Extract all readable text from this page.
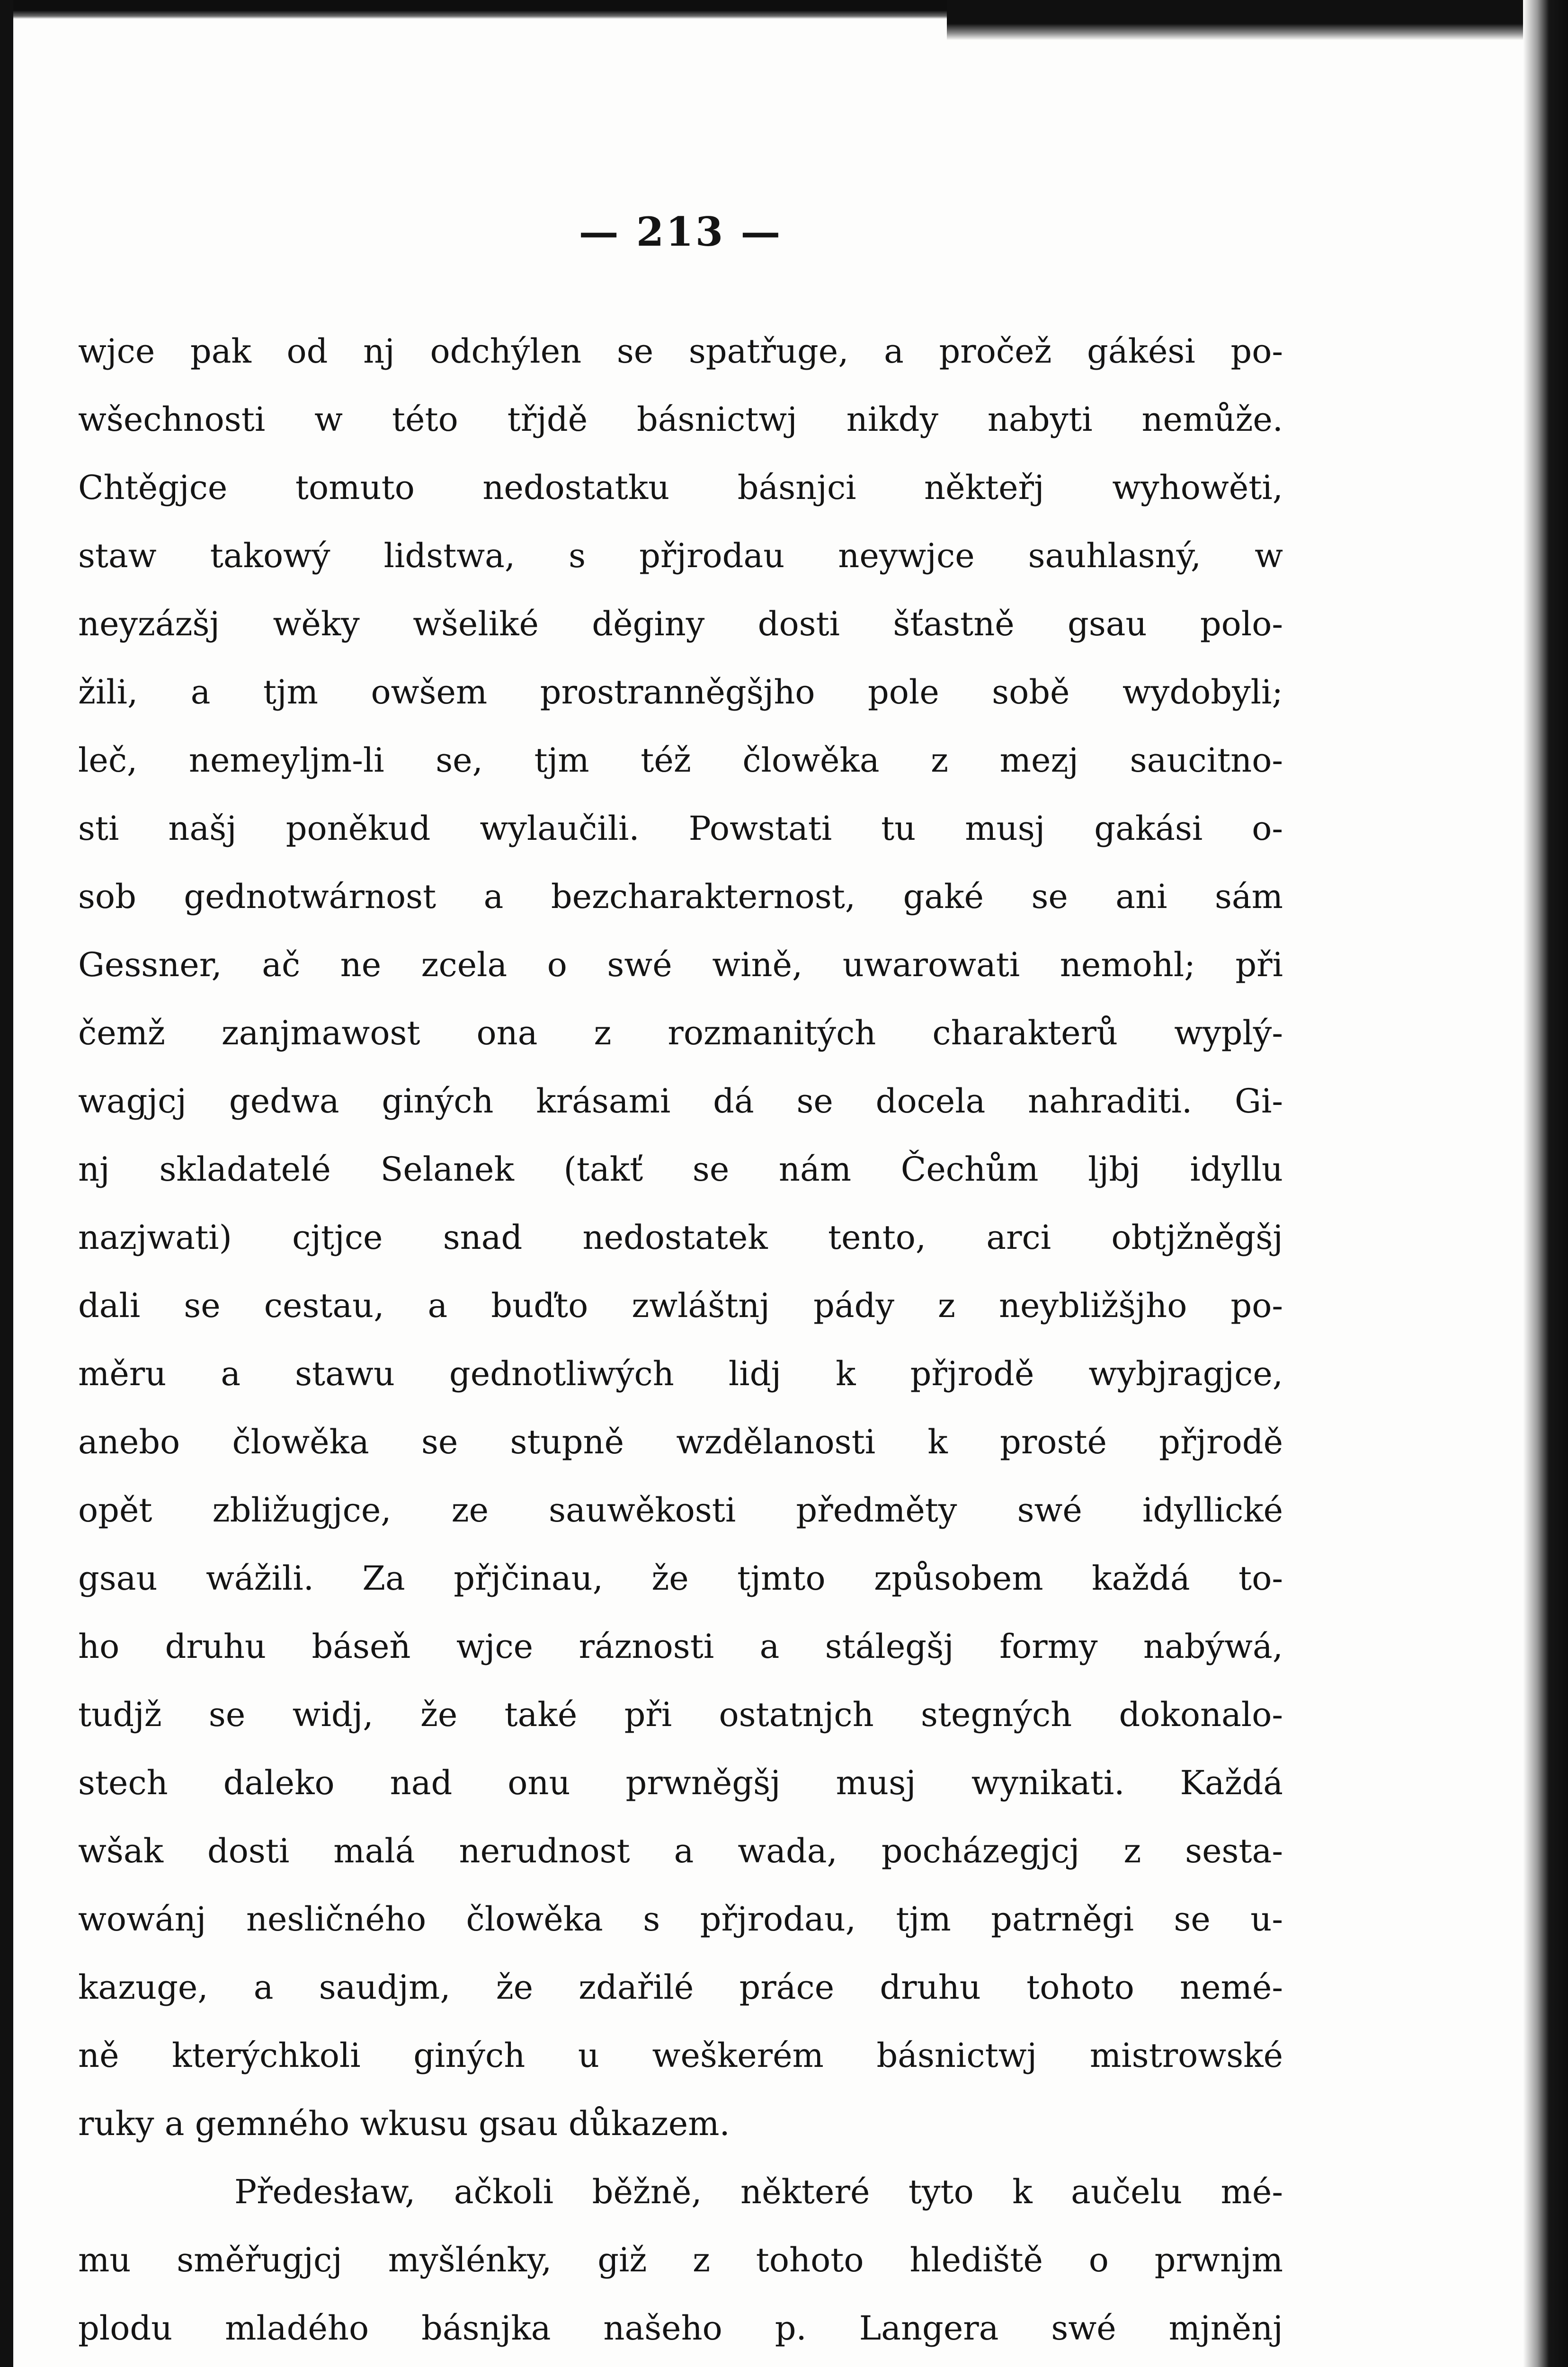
— 213 —
wjce pak od nj odchýlen se spatřuge, a pročež gákési po-
wšechnosti w této třjdě básnictwj nikdy nabyti nemůže.
Chtěgjce tomuto nedostatku básnjci někteřj wyhowěti,
staw takowý lidstwa, s přjrodau neywjce sauhlasný, w
neyzázšj wěky wšeliké děginy dosti šťastně gsau polo-
žili, a tjm owšem prostranněgšjho pole sobě wydobyli;
leč, nemeyljm-li se, tjm též člowěka z mezj saucitno-
sti našj poněkud wylaučili. Powstati tu musj gakási o-
sob gednotwárnost a bezcharakternost, gaké se ani sám
Gessner, ač ne zcela o swé wině, uwarowati nemohl; při
čemž zanjmawost ona z rozmanitých charakterů wyplý-
wagjcj gedwa giných krásami dá se docela nahraditi. Gi-
nj skladatelé Selanek (takť se nám Čechům ljbj idyllu
nazjwati) cjtjce snad nedostatek tento, arci obtjžněgšj
dali se cestau, a buďto zwláštnj pády z neybližšjho po-
měru a stawu gednotliwých lidj k přjrodě wybjragjce,
anebo člowěka se stupně wzdělanosti k prosté přjrodě
opět zbližugjce, ze sauwěkosti předměty swé idyllické
gsau wážili. Za přjčinau, že tjmto způsobem každá to-
ho druhu báseň wjce ráznosti a stálegšj formy nabýwá,
tudjž se widj, že také při ostatnjch stegných dokonalo-
stech daleko nad onu prwněgšj musj wynikati. Každá
wšak dosti malá nerudnost a wada, pocházegjcj z sesta-
wowánj nesličného člowěka s přjrodau, tjm patrněgi se u-
kazuge, a saudjm, že zdařilé práce druhu tohoto nemé-
ně kterýchkoli giných u weškerém básnictwj mistrowské
ruky a gemného wkusu gsau důkazem.
Předesław, ačkoli běžně, některé tyto k aučelu mé-
mu směřugjcj myšlénky, giž z tohoto hlediště o prwnjm
plodu mladého básnjka našeho p. Langera swé mjněnj
